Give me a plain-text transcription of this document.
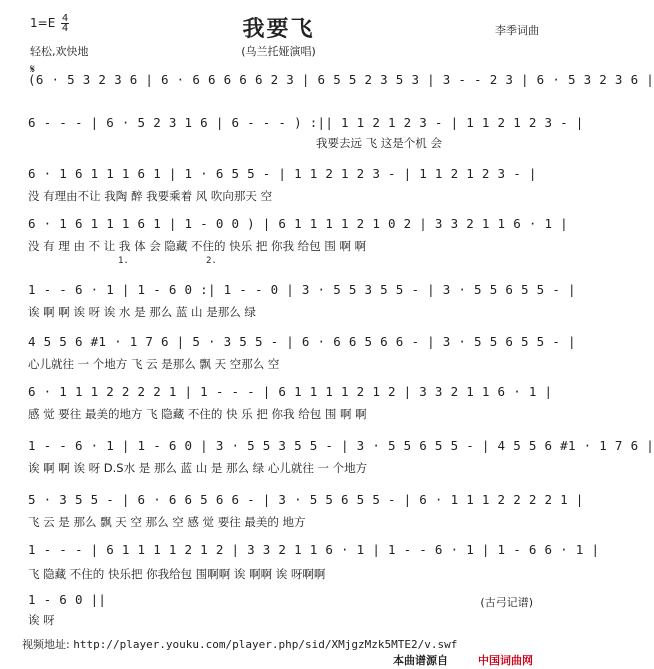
$1=E \frac{4}{4}$	我要飞	李季词曲
轻松,欢快地	(乌兰托娅演唱)
𝄋
(6 · 5 3 2 3 6 | 6 · 6 6 6 6 6 2 3 | 6 5 5 2 3 5 3 | 3 - - 2 3 | 6 · 5 3 2 3 6 |
6 - - - | 6 · 5 2 3 1 6 | 6 - - - ) :|| 1 1 2 1 2 3 - | 1 1 2 1 2 3 - |
我要去远 飞 这是个机 会
6 · 1 6 1 1 1 6 1 | 1 · 6 5 5 - | 1 1 2 1 2 3 - | 1 1 2 1 2 3 - |
没 有理由不让 我陶 醉 我要乘着 风 吹向那天 空
6 · 1 6 1 1 1 6 1 | 1 - 0 0 ) | 6 1 1 1 1 2 1 0 2 | 3 3 2 1 1 6 · 1 |
没 有 理 由 不 让 我 体 会 隐藏 不住的 快乐 把 你我 给包 围 啊 啊
1.	2.
1 - - 6 · 1 | 1 - 6 0 :| 1 - - 0 | 3 · 5 5 3 5 5 - | 3 · 5 5 6 5 5 - |
诶 啊 啊 诶 呀 诶 水 是 那么 蓝 山 是那么 绿
4 5 5 6 #1 · 1 7 6 | 5 · 3 5 5 - | 6 · 6 6 5 6 6 - | 3 · 5 5 6 5 5 - |
心儿就往 一 个地方 飞 云 是那么 飘 天 空那么 空
6 · 1 1 1 2 2 2 2 1 | 1 - - - | 6 1 1 1 1 2 1 2 | 3 3 2 1 1 6 · 1 |
感 觉 要往 最美的地方 飞 隐藏 不住的 快 乐 把 你我 给包 围 啊 啊
1 - - 6 · 1 | 1 - 6 0 | 3 · 5 5 3 5 5 - | 3 · 5 5 6 5 5 - | 4 5 5 6 #1 · 1 7 6 |
诶 啊 啊 诶 呀 D.S水 是 那么 蓝 山 是 那么 绿 心儿就往 一 个地方
5 · 3 5 5 - | 6 · 6 6 5 6 6 - | 3 · 5 5 6 5 5 - | 6 · 1 1 1 2 2 2 2 1 |
飞 云 是 那么 飘 天 空 那么 空 感 觉 要往 最美的 地方
1 - - - | 6 1 1 1 1 2 1 2 | 3 3 2 1 1 6 · 1 | 1 - - 6 · 1 | 1 - 6 6 · 1 |
飞 隐藏 不住的 快乐把 你我给包 围啊啊 诶 啊啊 诶 呀啊啊
1 - 6 0 ||
诶 呀
(古弓记谱)
视频地址: http://player.youku.com/player.php/sid/XMjgzMzk5MTE2/v.swf
本曲谱源自	中国词曲网
